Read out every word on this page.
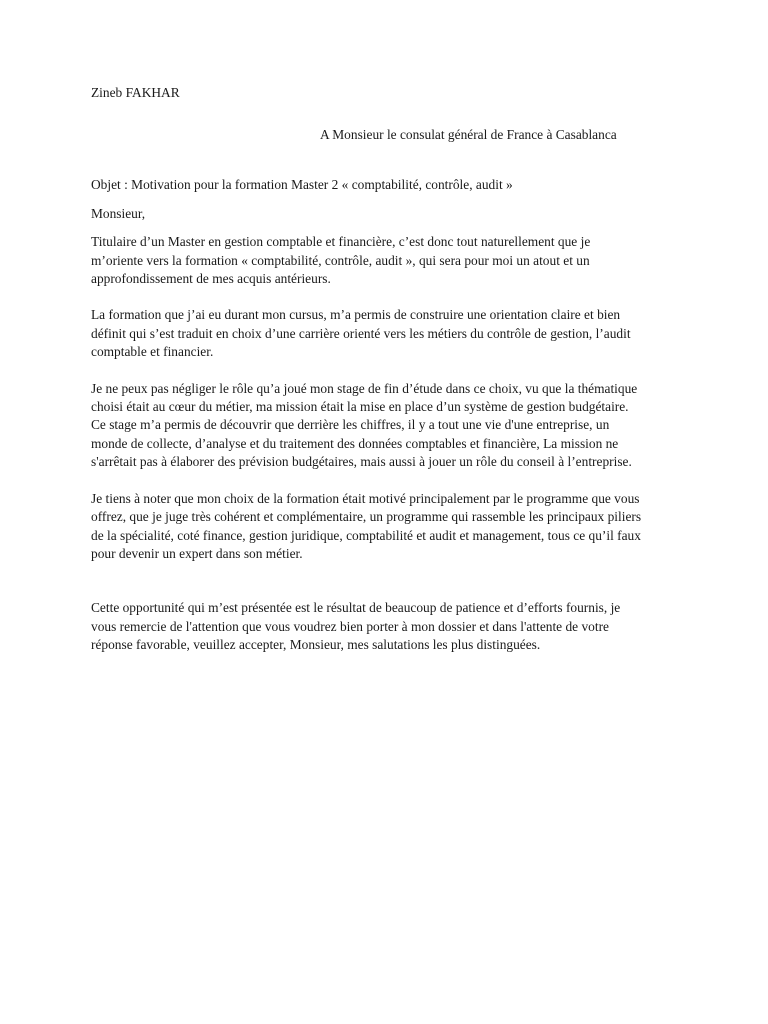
Zineb FAKHAR
A Monsieur le consulat général de France à Casablanca
Objet : Motivation pour la formation Master 2 « comptabilité, contrôle, audit »
Monsieur,
Titulaire d’un Master en gestion comptable et financière, c’est donc tout naturellement que je
m’oriente vers la formation « comptabilité, contrôle, audit », qui sera pour moi un atout et un
approfondissement de mes acquis antérieurs.
La formation que j’ai eu durant mon cursus, m’a permis de construire une orientation claire et bien
définit qui s’est traduit en choix d’une carrière orienté vers les métiers du contrôle de gestion, l’audit
comptable et financier.
Je ne peux pas négliger le rôle qu’a joué mon stage de fin d’étude dans ce choix, vu que la thématique
choisi était au cœur du métier, ma mission était la mise en place d’un système de gestion budgétaire.
Ce stage m’a permis de découvrir que derrière les chiffres, il y a tout une vie d'une entreprise, un
monde de collecte, d’analyse et du traitement des données comptables et financière, La mission ne
s'arrêtait pas à élaborer des prévision budgétaires, mais aussi à jouer un rôle du conseil à l’entreprise.
Je tiens à noter que mon choix de la formation était motivé principalement par le programme que vous
offrez, que je juge très cohérent et complémentaire, un programme qui rassemble les principaux piliers
de la spécialité, coté finance, gestion juridique, comptabilité et audit et management, tous ce qu’il faux
pour devenir un expert dans son métier.
Cette opportunité qui m’est présentée est le résultat de beaucoup de patience et d’efforts fournis, je
vous remercie de l'attention que vous voudrez bien porter à mon dossier et dans l'attente de votre
réponse favorable, veuillez accepter, Monsieur, mes salutations les plus distinguées.
